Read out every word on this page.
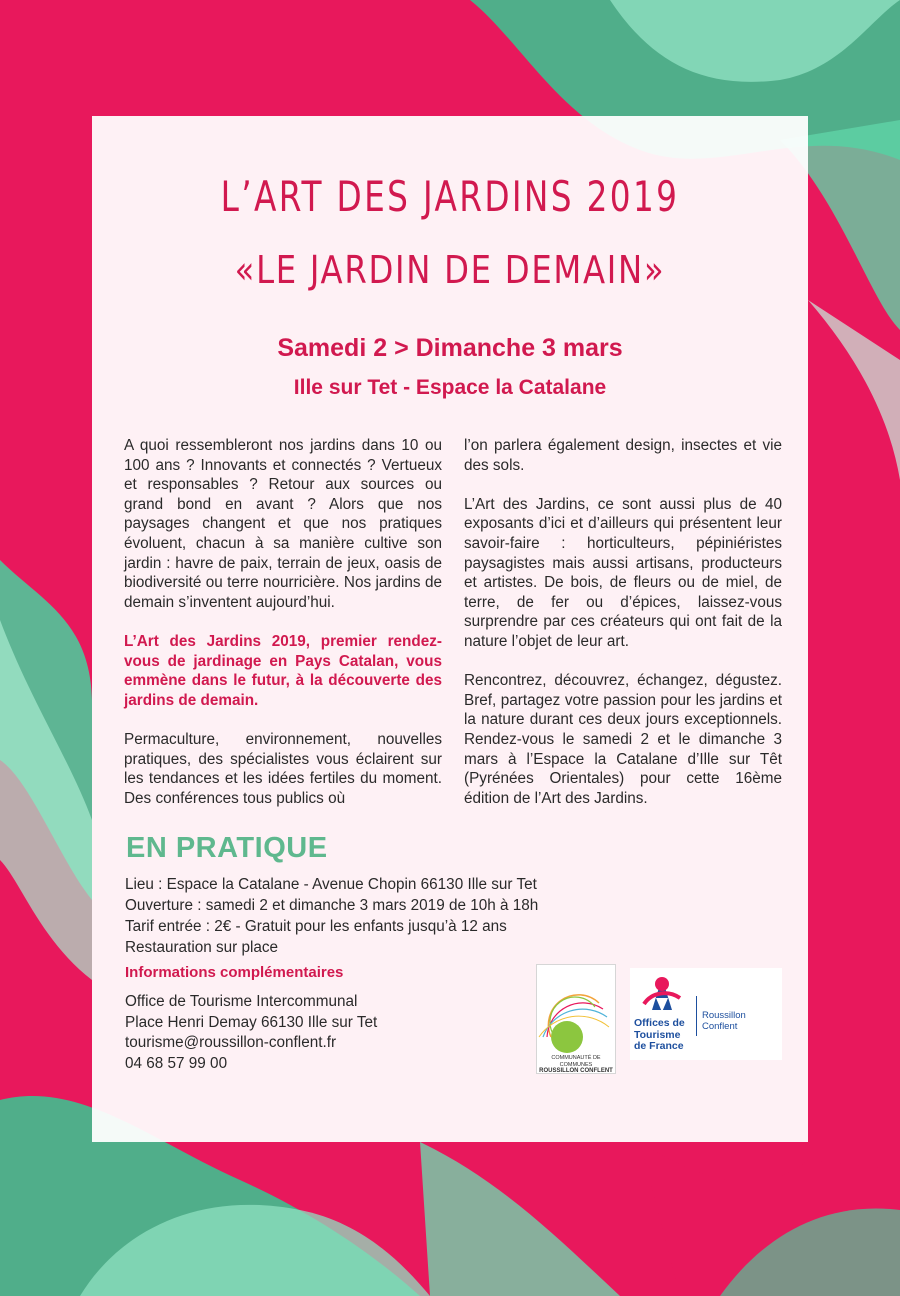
L’ART DES JARDINS 2019
«LE JARDIN DE DEMAIN»
Samedi 2 > Dimanche 3 mars
Ille sur Tet - Espace la Catalane

A quoi ressembleront nos jardins dans 10 ou 100 ans ? Innovants et connectés ? Vertueux et responsables ? Retour aux sources ou grand bond en avant ? Alors que nos paysages changent et que nos pratiques évoluent, chacun à sa manière cultive son jardin : havre de paix, terrain de jeux, oasis de biodiversité ou terre nourricière. Nos jardins de demain s’inventent aujourd’hui.

L’Art des Jardins 2019, premier rendez-vous de jardinage en Pays Catalan, vous emmène dans le futur, à la découverte des jardins de demain.

Permaculture, environnement, nouvelles pratiques, des spécialistes vous éclairent sur les tendances et les idées fertiles du moment. Des conférences tous publics où

l’on parlera également design, insectes et vie des sols.

L’Art des Jardins, ce sont aussi plus de 40 exposants d’ici et d’ailleurs qui présentent leur savoir-faire : horticulteurs, pépiniéristes paysagistes mais aussi artisans, producteurs et artistes. De bois, de fleurs ou de miel, de terre, de fer ou d’épices, laissez-vous surprendre par ces créateurs qui ont fait de la nature l’objet de leur art.

Rencontrez, découvrez, échangez, dégustez. Bref, partagez votre passion pour les jardins et la nature durant ces deux jours exceptionnels. Rendez-vous le samedi 2 et le dimanche 3 mars à l’Espace la Catalane d’Ille sur Têt (Pyrénées Orientales) pour cette 16ème édition de l’Art des Jardins.

EN PRATIQUE
Lieu : Espace la Catalane - Avenue Chopin 66130 Ille sur Tet
Ouverture : samedi 2 et dimanche 3 mars 2019 de 10h à 18h
Tarif entrée : 2€ - Gratuit pour les enfants jusqu’à 12 ans
Restauration sur place
Informations complémentaires
Office de Tourisme Intercommunal
Place Henri Demay 66130 Ille sur Tet
tourisme@roussillon-conflent.fr
04 68 57 99 00	COMMUNAUTÉ DE COMMUNES
ROUSSILLON CONFLENT
Offices de
Tourisme
de France
Roussillon Conflent
